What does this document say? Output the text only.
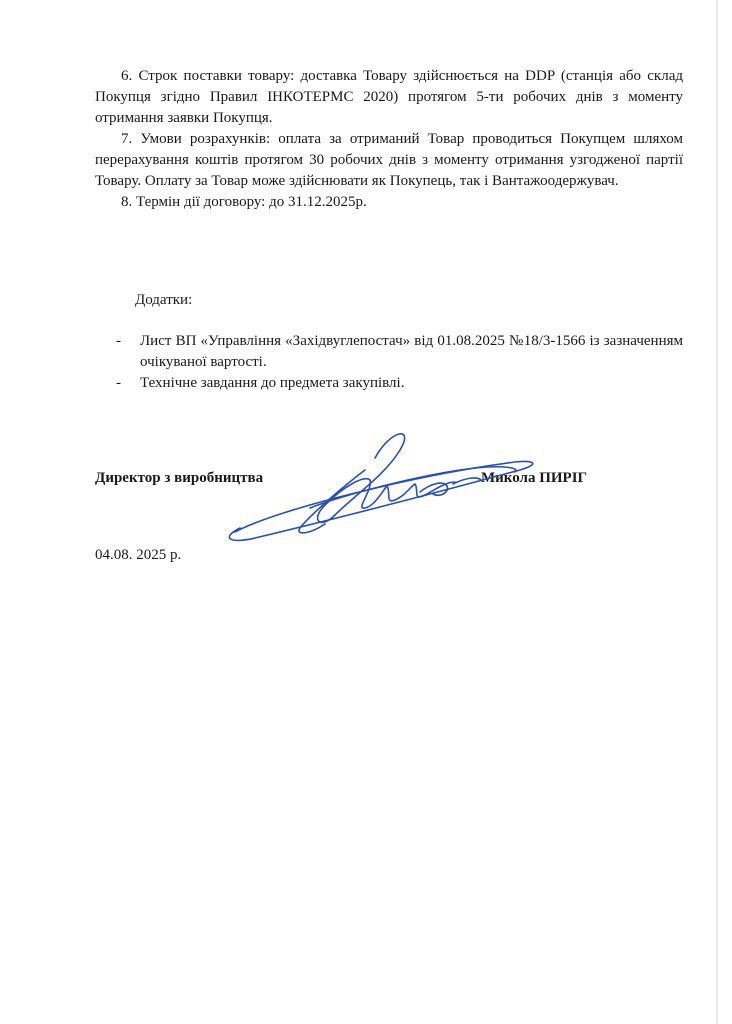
6. Строк поставки товару: доставка Товару здійснюється на DDP (станція або склад Покупця згідно Правил ІНКОТЕРМС 2020) протягом 5-ти робочих днів з моменту отримання заявки Покупця.

7. Умови розрахунків: оплата за отриманий Товар проводиться Покупцем шляхом перерахування коштів протягом 30 робочих днів з моменту отримання узгодженої партії Товару. Оплату за Товар може здійснювати як Покупець, так і Вантажоодержувач.

8. Термін дії договору: до 31.12.2025р.

Додатки:

- Лист ВП «Управління «Західвуглепостач» від 01.08.2025 №18/3-1566 із зазначенням очікуваної вартості.
- Технічне завдання до предмета закупівлі.
Директор з виробництва	Микола ПИРІГ
04.08. 2025 р.
